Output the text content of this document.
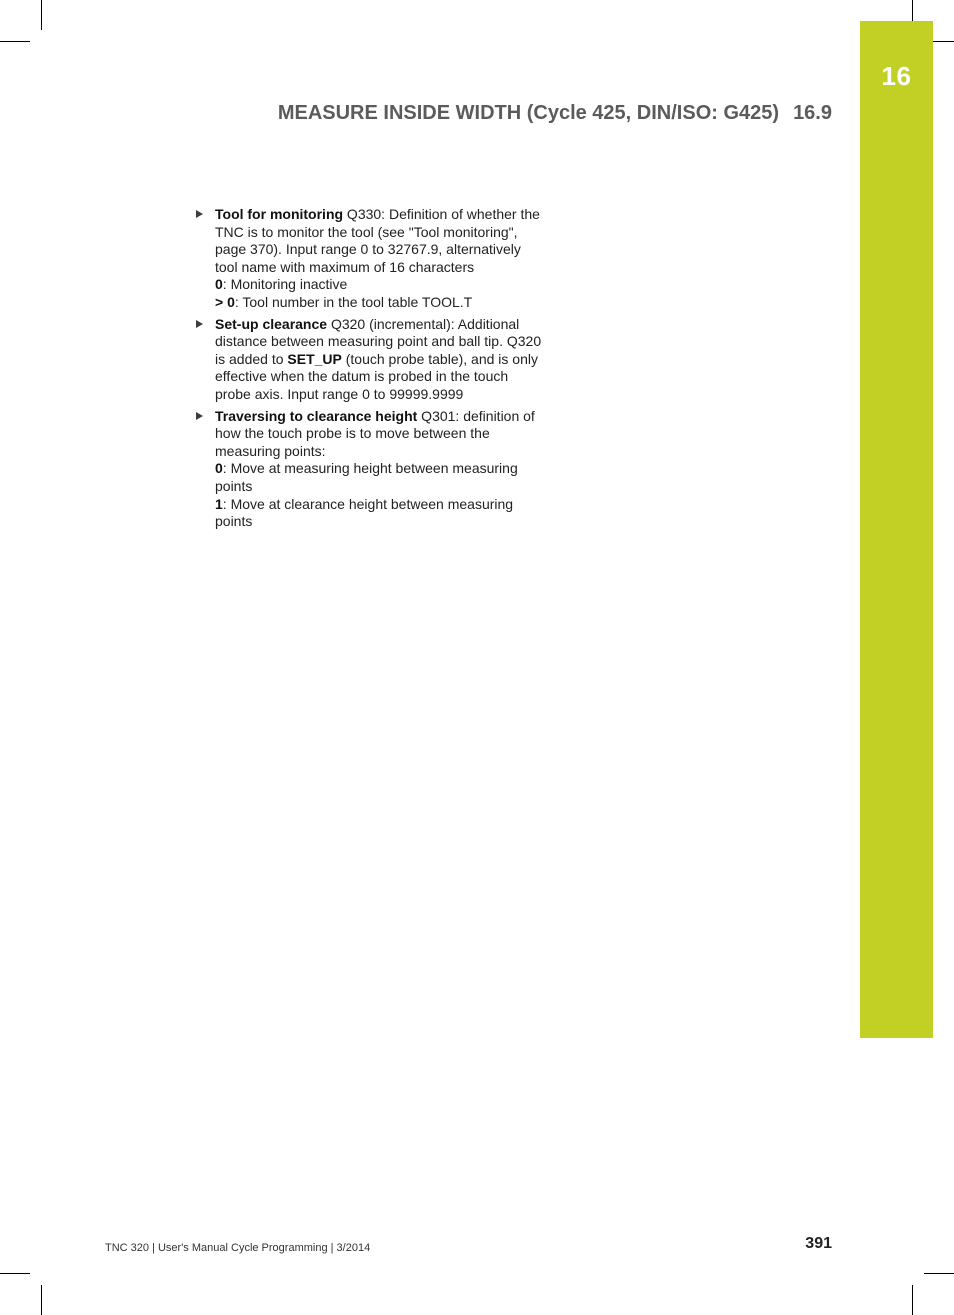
16
MEASURE INSIDE WIDTH (Cycle 425, DIN/ISO: G425) 16.9

Tool for monitoring Q330: Definition of whether the TNC is to monitor the tool (see "Tool monitoring", page 370). Input range 0 to 32767.9, alternatively tool name with maximum of 16 characters

0: Monitoring inactive

> 0: Tool number in the tool table TOOL.T

Set-up clearance Q320 (incremental): Additional distance between measuring point and ball tip. Q320 is added to SET_UP (touch probe table), and is only effective when the datum is probed in the touch probe axis. Input range 0 to 99999.9999

Traversing to clearance height Q301: definition of how the touch probe is to move between the measuring points:

0: Move at measuring height between measuring points

1: Move at clearance height between measuring points

TNC 320 | User's Manual Cycle Programming | 3/2014	391
